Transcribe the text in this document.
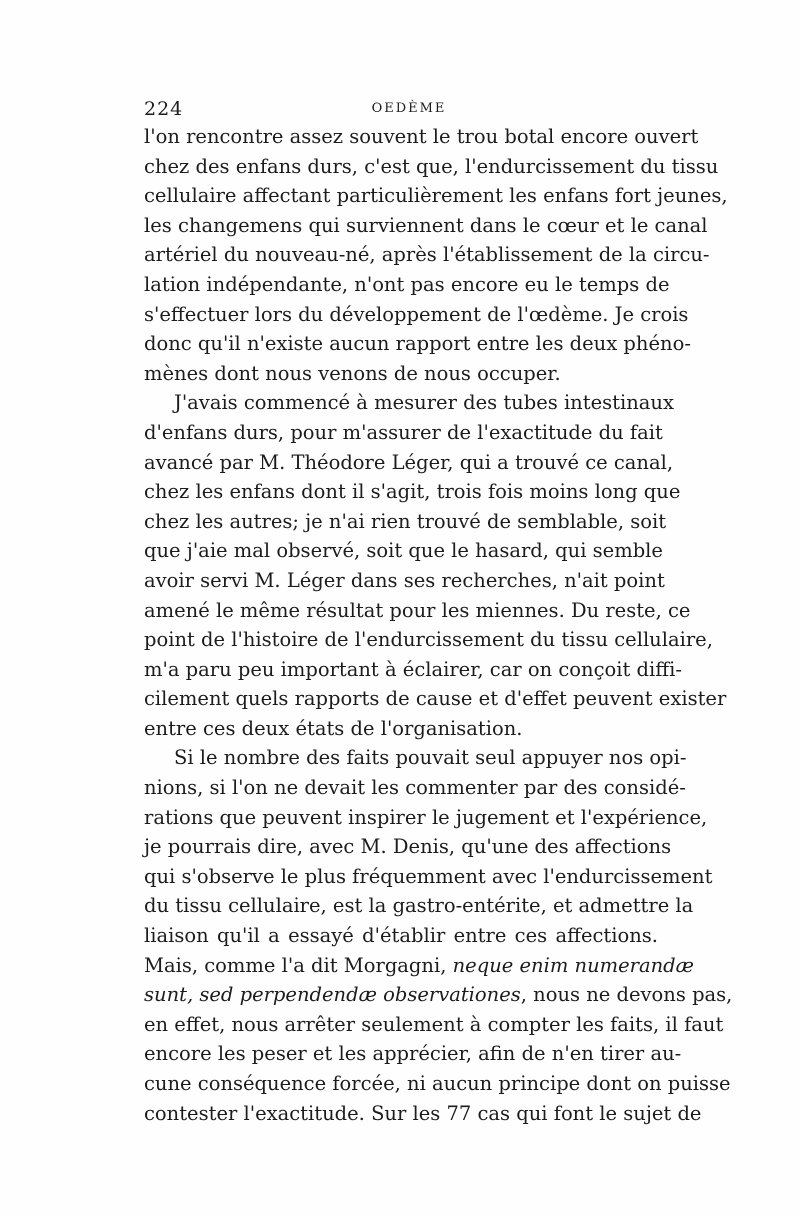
224	OEDÈME
l'on rencontre assez souvent le trou botal encore ouvert
chez des enfans durs, c'est que, l'endurcissement du tissu
cellulaire affectant particulièrement les enfans fort jeunes,
les changemens qui surviennent dans le cœur et le canal
artériel du nouveau-né, après l'établissement de la circu-
lation indépendante, n'ont pas encore eu le temps de
s'effectuer lors du développement de l'œdème. Je crois
donc qu'il n'existe aucun rapport entre les deux phéno-
mènes dont nous venons de nous occuper.
J'avais commencé à mesurer des tubes intestinaux
d'enfans durs, pour m'assurer de l'exactitude du fait
avancé par M. Théodore Léger, qui a trouvé ce canal,
chez les enfans dont il s'agit, trois fois moins long que
chez les autres; je n'ai rien trouvé de semblable, soit
que j'aie mal observé, soit que le hasard, qui semble
avoir servi M. Léger dans ses recherches, n'ait point
amené le même résultat pour les miennes. Du reste, ce
point de l'histoire de l'endurcissement du tissu cellulaire,
m'a paru peu important à éclairer, car on conçoit diffi-
cilement quels rapports de cause et d'effet peuvent exister
entre ces deux états de l'organisation.
Si le nombre des faits pouvait seul appuyer nos opi-
nions, si l'on ne devait les commenter par des considé-
rations que peuvent inspirer le jugement et l'expérience,
je pourrais dire, avec M. Denis, qu'une des affections
qui s'observe le plus fréquemment avec l'endurcissement
du tissu cellulaire, est la gastro-entérite, et admettre la
liaison qu'il a essayé d'établir entre ces affections.
Mais, comme l'a dit Morgagni, neque enim numerandæ
sunt, sed perpendendæ observationes, nous ne devons pas,
en effet, nous arrêter seulement à compter les faits, il faut
encore les peser et les apprécier, afin de n'en tirer au-
cune conséquence forcée, ni aucun principe dont on puisse
contester l'exactitude. Sur les 77 cas qui font le sujet de
